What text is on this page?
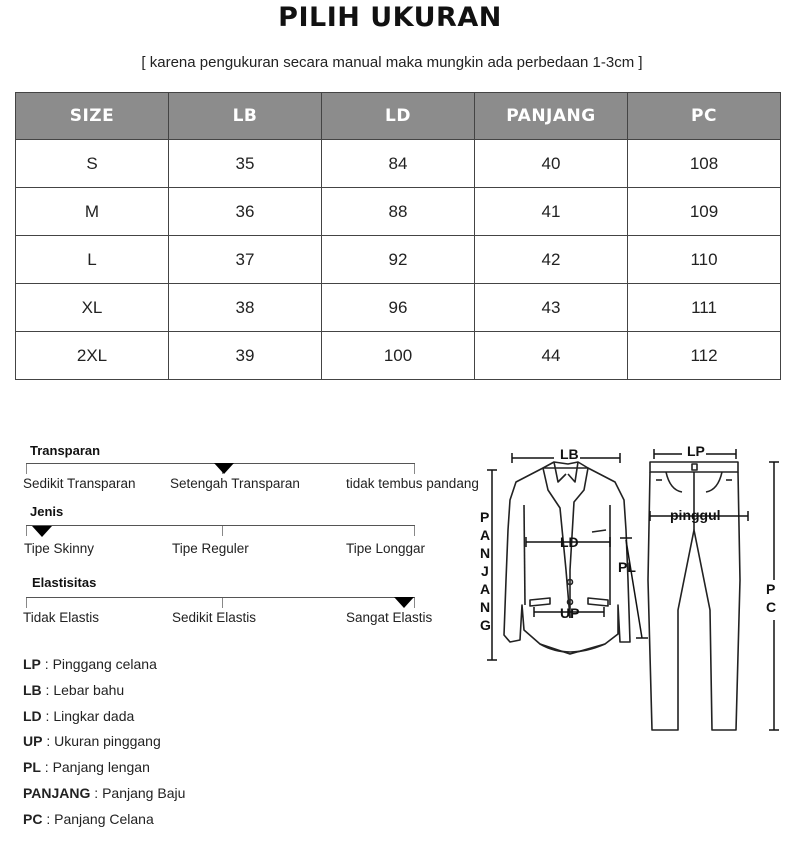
PILIH UKURAN
[ karena pengukuran secara manual maka mungkin ada perbedaan 1-3cm ]
SIZE	LB	LD	PANJANG	PC
S	35	84	40	108
M	36	88	41	109
L	37	92	42	110
XL	38	96	43	111
2XL	39	100	44	112
Transparan
Sedikit Transparan	Setengah Transparan	tidak tembus pandang
Jenis
Tipe Skinny	Tipe Reguler	Tipe Longgar
Elastisitas
Tidak Elastis	Sedikit Elastis	Sangat Elastis
LP : Pinggang celana
LB : Lebar bahu
LD : Lingkar dada
UP : Ukuran pinggang
PL : Panjang lengan
PANJANG : Panjang Baju
PC : Panjang Celana
LB	LP
LD
UP
pinggul
PL
P
A
N
J
A
N
G
P
C
